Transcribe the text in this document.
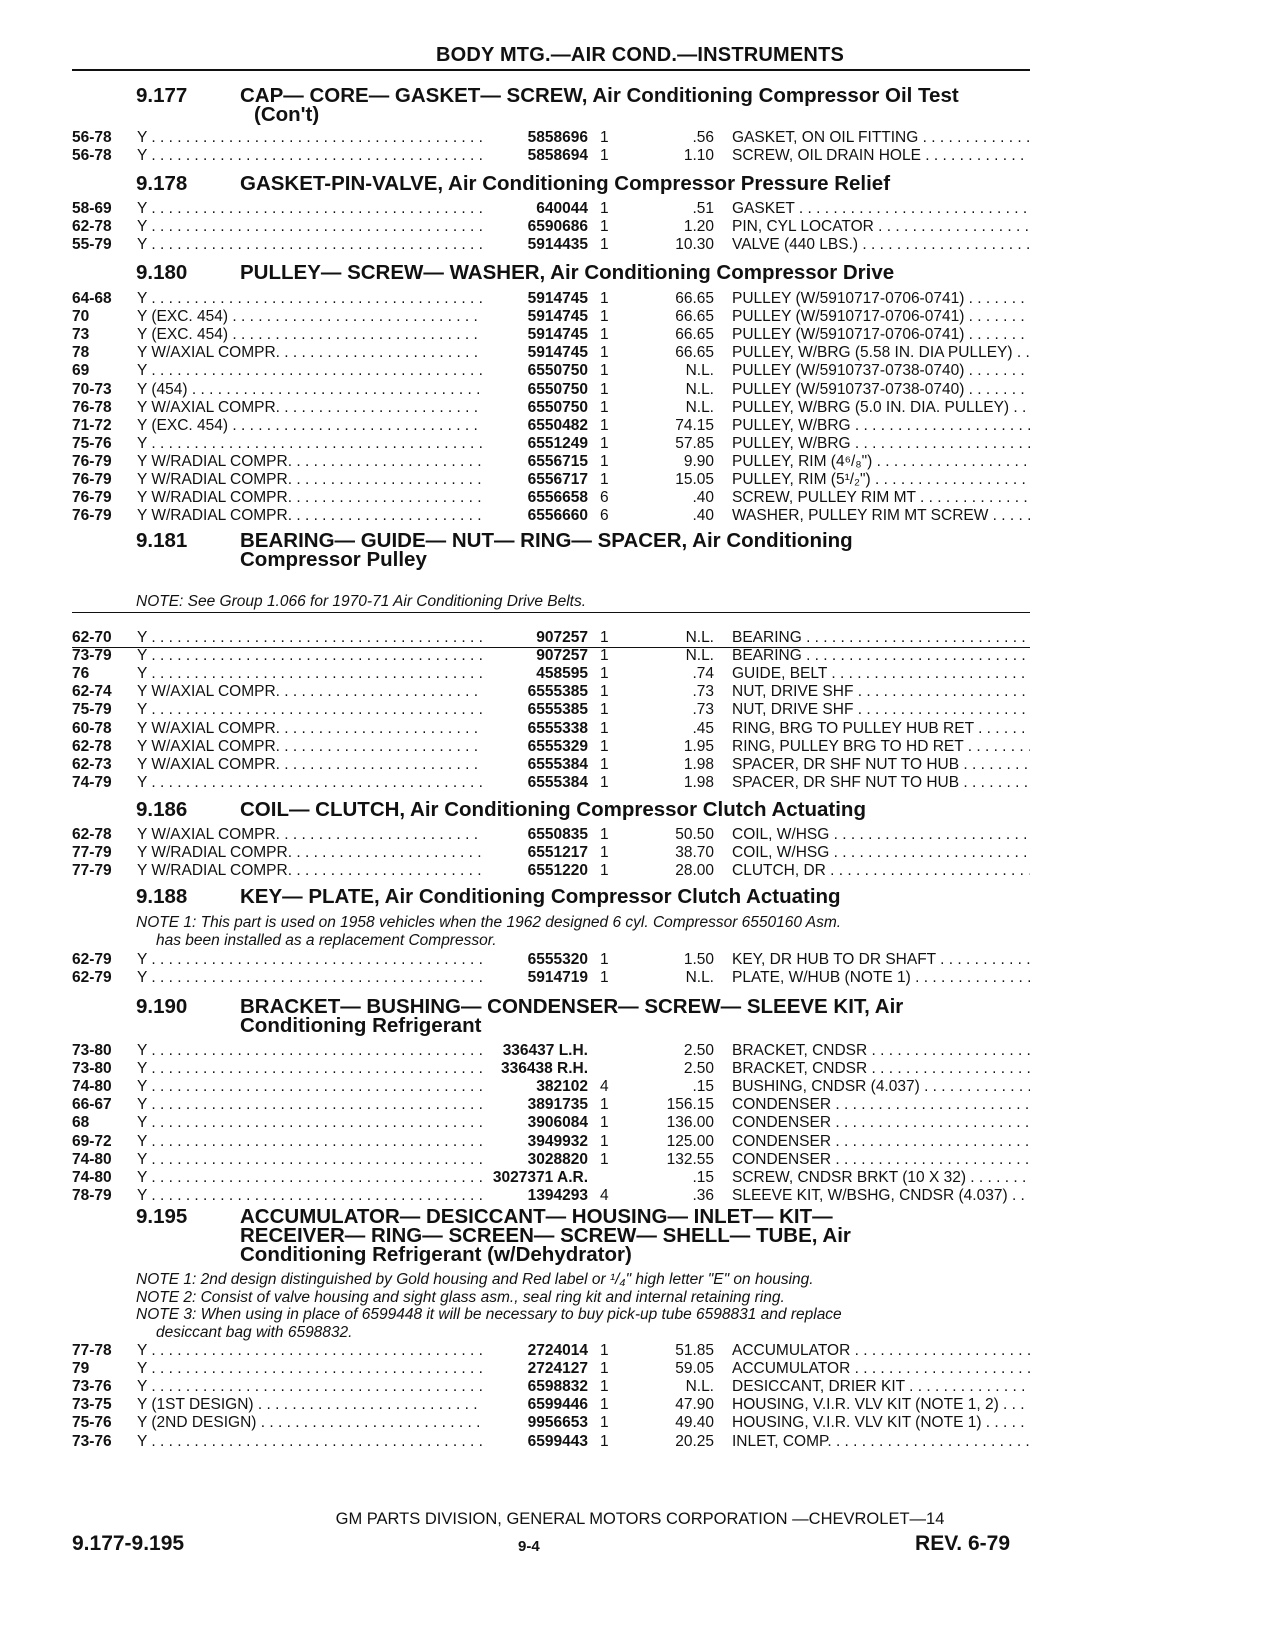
BODY MTG.—AIR COND.—INSTRUMENTS
9.177	CAP— CORE— GASKET— SCREW, Air Conditioning Compressor Oil Test
(Con't)
56-78 Y . . .	5858696 1	.56 GASKET, ON OIL FITTING . . .
56-78 Y . . .	5858694 1	1.10 SCREW, OIL DRAIN HOLE . . .
9.178	GASKET-PIN-VALVE, Air Conditioning Compressor Pressure Relief
58-69 Y . . .	640044 1	.51 GASKET . . .
62-78 Y . . .	6590686 1	1.20 PIN, CYL LOCATOR . . .
55-79 Y . . .	5914435 1	10.30 VALVE (440 LBS.) . . .
9.180	PULLEY— SCREW— WASHER, Air Conditioning Compressor Drive
64-68 Y . . .	5914745 1	66.65 PULLEY (W/5910717-0706-0741) . . .
70	Y (EXC. 454) . . .	5914745 1	66.65 PULLEY (W/5910717-0706-0741) . . .
73	Y (EXC. 454) . . .	5914745 1	66.65 PULLEY (W/5910717-0706-0741) . . .
78	Y W/AXIAL COMPR. . . .	5914745 1	66.65 PULLEY, W/BRG (5.58 IN. DIA PULLEY) . . .
69	Y . . .	6550750 1	N.L. PULLEY (W/5910737-0738-0740) . . .
70-73 Y (454) . . .	6550750 1	N.L. PULLEY (W/5910737-0738-0740) . . .
76-78 Y W/AXIAL COMPR. . . .	6550750 1	N.L. PULLEY, W/BRG (5.0 IN. DIA. PULLEY) . . .
71-72 Y (EXC. 454) . . .	6550482 1	74.15 PULLEY, W/BRG . . .
75-76 Y . . .	6551249 1	57.85 PULLEY, W/BRG . . .
76-79 Y W/RADIAL COMPR. . . .	6556715 1	9.90 PULLEY, RIM (4⁶/₈") . . .
76-79 Y W/RADIAL COMPR. . . .	6556717 1	15.05 PULLEY, RIM (5¹/₂") . . .
76-79 Y W/RADIAL COMPR. . . .	6556658 6	.40 SCREW, PULLEY RIM MT . . .
76-79 Y W/RADIAL COMPR. . . .	6556660 6	.40 WASHER, PULLEY RIM MT SCREW . . .
9.181	BEARING— GUIDE— NUT— RING— SPACER, Air Conditioning
Compressor Pulley
NOTE: See Group 1.066 for 1970-71 Air Conditioning Drive Belts.
62-70 Y . . .	907257 1	N.L. BEARING . . .
73-79 Y . . .	907257 1	N.L. BEARING . . .
76	Y . . .	458595 1	.74 GUIDE, BELT . . .
62-74 Y W/AXIAL COMPR. . . .	6555385 1	.73 NUT, DRIVE SHF . . .
75-79 Y . . .	6555385 1	.73 NUT, DRIVE SHF . . .
60-78 Y W/AXIAL COMPR. . . .	6555338 1	.45 RING, BRG TO PULLEY HUB RET . . .
62-78 Y W/AXIAL COMPR. . . .	6555329 1	1.95 RING, PULLEY BRG TO HD RET . . .
62-73 Y W/AXIAL COMPR. . . .	6555384 1	1.98 SPACER, DR SHF NUT TO HUB . . .
74-79 Y . . .	6555384 1	1.98 SPACER, DR SHF NUT TO HUB . . .
9.186	COIL— CLUTCH, Air Conditioning Compressor Clutch Actuating
62-78 Y W/AXIAL COMPR. . . .	6550835 1	50.50 COIL, W/HSG . . .
77-79 Y W/RADIAL COMPR. . . .	6551217 1	38.70 COIL, W/HSG . . .
77-79 Y W/RADIAL COMPR. . . .	6551220 1	28.00 CLUTCH, DR . . .
9.188	KEY— PLATE, Air Conditioning Compressor Clutch Actuating
NOTE 1: This part is used on 1958 vehicles when the 1962 designed 6 cyl. Compressor 6550160 Asm.
has been installed as a replacement Compressor.
62-79 Y . . .	6555320 1	1.50 KEY, DR HUB TO DR SHAFT . . .
62-79 Y . . .	5914719 1	N.L. PLATE, W/HUB (NOTE 1) . . .
9.190	BRACKET— BUSHING— CONDENSER— SCREW— SLEEVE KIT, Air
Conditioning Refrigerant
73-80 Y . . .	336437 L.H.	2.50 BRACKET, CNDSR . . .
73-80 Y . . .	336438 R.H.	2.50 BRACKET, CNDSR . . .
74-80 Y . . .	382102 4	.15 BUSHING, CNDSR (4.037) . . .
66-67 Y . . .	3891735 1	156.15 CONDENSER . . .
68	Y . . .	3906084 1	136.00 CONDENSER . . .
69-72 Y . . .	3949932 1	125.00 CONDENSER . . .
74-80 Y . . .	3028820 1	132.55 CONDENSER . . .
74-80 Y . . .	3027371 A.R.	.15 SCREW, CNDSR BRKT (10 X 32) . . .
78-79 Y . . .	1394293 4	.36 SLEEVE KIT, W/BSHG, CNDSR (4.037) . . .
9.195	ACCUMULATOR— DESICCANT— HOUSING— INLET— KIT—
RECEIVER— RING— SCREEN— SCREW— SHELL— TUBE, Air
Conditioning Refrigerant (w/Dehydrator)
NOTE 1: 2nd design distinguished by Gold housing and Red label or ¹/₄" high letter "E" on housing.
NOTE 2: Consist of valve housing and sight glass asm., seal ring kit and internal retaining ring.
NOTE 3: When using in place of 6599448 it will be necessary to buy pick-up tube 6598831 and replace
desiccant bag with 6598832.
77-78 Y . . .	2724014 1	51.85 ACCUMULATOR . . .
79	Y . . .	2724127 1	59.05 ACCUMULATOR . . .
73-76 Y . . .	6598832 1	N.L. DESICCANT, DRIER KIT . . .
73-75 Y (1ST DESIGN) . . .	6599446 1	47.90 HOUSING, V.I.R. VLV KIT (NOTE 1, 2) . . .
75-76 Y (2ND DESIGN) . . .	9956653 1	49.40 HOUSING, V.I.R. VLV KIT (NOTE 1) . . .
73-76 Y . . .	6599443 1	20.25 INLET, COMP. . . .
GM PARTS DIVISION, GENERAL MOTORS CORPORATION —CHEVROLET—14
9.177-9.195	9-4	REV. 6-79
